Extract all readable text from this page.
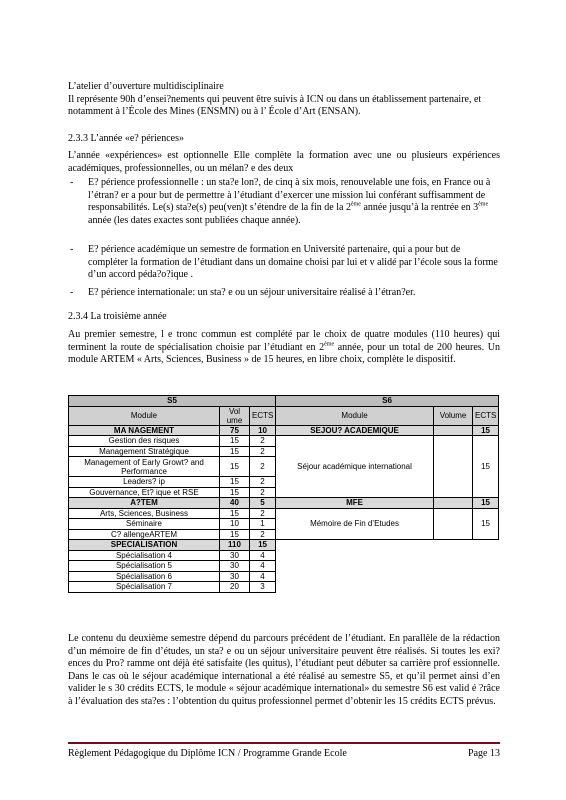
L’atelier d’ouverture multidisciplinaire

Il représente 90h d’ensei?nements qui peuvent être suivis à ICN ou dans un établissement partenaire, et notamment à l’École des Mines (ENSMN) ou à l’ École d’Art (ENSAN).

2.3.3 L’année «e? périences»
L’année «expériences» est optionnelle Elle complète la formation avec une ou plusieurs expériences académiques, professionnelles, ou un mélan? e des deux
- E? périence professionnelle : un sta?e lon?, de cinq à six mois, renouvelable une fois, en France ou à l’étran? er a pour but de permettre à l’étudiant d’exercer une mission lui conférant suffisamment de responsabilités. Le(s) sta?e(s) peu(ven)t s’étendre de la fin de la 2ème année jusqu’à la rentrée en 3ème année (les dates exactes sont publiées chaque année).
- E? périence académique un semestre de formation en Université partenaire, qui a pour but de compléter la formation de l’étudiant dans un domaine choisi par lui et v alidé par l’école sous la forme d’un accord péda?o?ique .
- E? périence internationale: un sta? e ou un séjour universitaire réalisé à l’étran?er.
2.3.4 La troisième année
Au premier semestre, l e tronc commun est complété par le choix de quatre modules (110 heures) qui terminent la route de spécialisation choisie par l’étudiant en 2ème année, pour un total de 200 heures. Un module ARTEM « Arts, Sciences, Business » de 15 heures, en libre choix, complète le dispositif.
S5			S6		
Module	Vol ume	ECTS	Module	Volume	ECTS
MA NAGEMENT	75	10	SEJOU? ACADEMIQUE		15
Gestion des risques	15	2	Séjour académique international		15
Management Stratégique	15	2			
Management of Early Growt? and Performance	15	2			
Leaders? ip	15	2			
Gouvernance, Et? ique et RSE	15	2			
A?TEM	40	5	MFE		15
Arts, Sciences, Business	15	2	Mémoire de Fin d’Etudes		15
Séminaire	10	1			
C? allengeARTEM	15	2			
SPECIALISATION	110	15			
Spécialisation 4	30	4			
Spécialisation 5	30	4			
Spécialisation 6	30	4			
Spécialisation 7	20	3			
Le contenu du deuxième semestre dépend du parcours précédent de l’étudiant. En parallèle de la rédaction d’un mémoire de fin d’études, un sta? e ou un séjour universitaire peuvent être réalisés. Si toutes les exi?ences du Pro? ramme ont déjà été satisfaite (les quitus), l’étudiant peut débuter sa carrière prof essionnelle. Dans le cas où le séjour académique international a été réalisé au semestre S5, et qu’il permet ainsi d’en valider le s 30 crédits ECTS, le module « séjour académique international» du semestre S6 est valid é ?râce à l’évaluation des sta?es : l’obtention du quitus professionnel permet d’obtenir les 15 crédits ECTS prévus.
Règlement Pédagogique du Diplôme ICN / Programme Grande Ecole	Page 13
